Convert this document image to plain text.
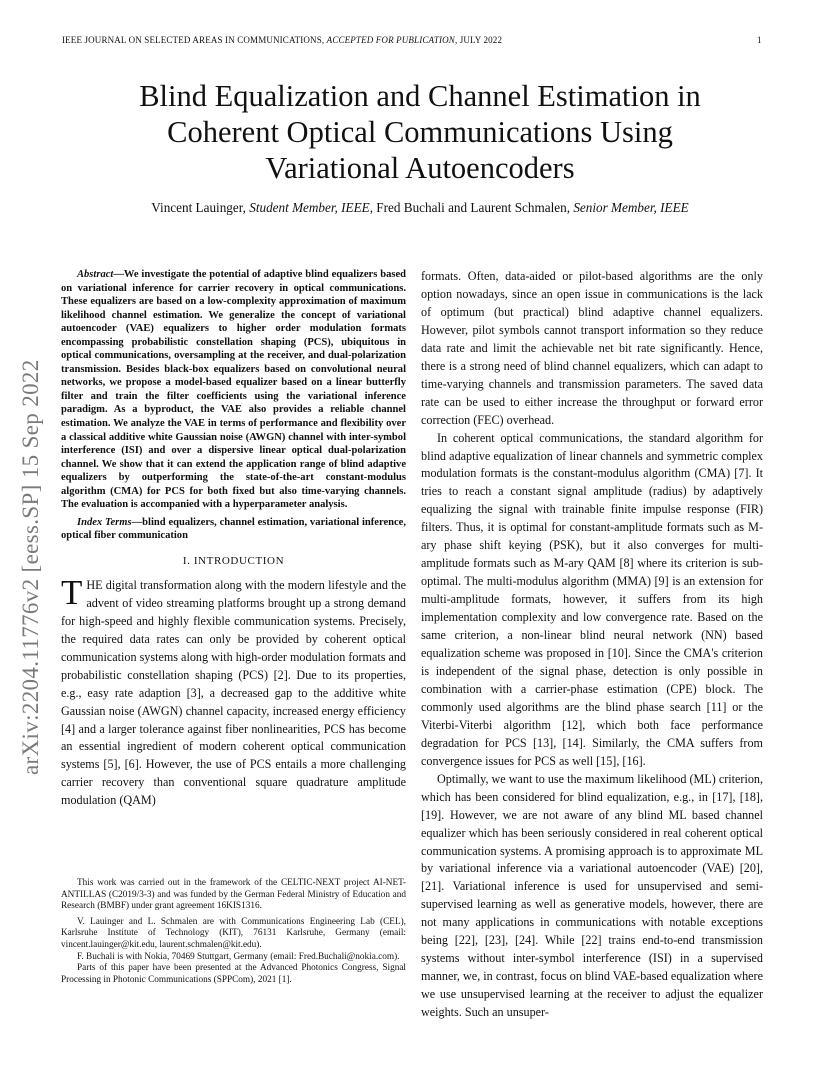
IEEE JOURNAL ON SELECTED AREAS IN COMMUNICATIONS, ACCEPTED FOR PUBLICATION, JULY 2022	1
Blind Equalization and Channel Estimation in
Coherent Optical Communications Using
Variational Autoencoders
Vincent Lauinger, Student Member, IEEE, Fred Buchali and Laurent Schmalen, Senior Member, IEEE
arXiv:2204.11776v2 [eess.SP] 15 Sep 2022
Abstract—We investigate the potential of adaptive blind equalizers based on variational inference for carrier recovery in optical communications. These equalizers are based on a low-complexity approximation of maximum likelihood channel estimation. We generalize the concept of variational autoencoder (VAE) equalizers to higher order modulation formats encompassing probabilistic constellation shaping (PCS), ubiquitous in optical communications, oversampling at the receiver, and dual-polarization transmission. Besides black-box equalizers based on convolutional neural networks, we propose a model-based equalizer based on a linear butterfly filter and train the filter coefficients using the variational inference paradigm. As a byproduct, the VAE also provides a reliable channel estimation. We analyze the VAE in terms of performance and flexibility over a classical additive white Gaussian noise (AWGN) channel with inter-symbol interference (ISI) and over a dispersive linear optical dual-polarization channel. We show that it can extend the application range of blind adaptive equalizers by outperforming the state-of-the-art constant-modulus algorithm (CMA) for PCS for both fixed but also time-varying channels. The evaluation is accompanied with a hyperparameter analysis.
Index Terms—blind equalizers, channel estimation, variational inference, optical fiber communication
I. INTRODUCTION

THE digital transformation along with the modern lifestyle and the advent of video streaming platforms brought up a strong demand for high-speed and highly flexible communication systems. Precisely, the required data rates can only be provided by coherent optical communication systems along with high-order modulation formats and probabilistic constellation shaping (PCS) [2]. Due to its properties, e.g., easy rate adaption [3], a decreased gap to the additive white Gaussian noise (AWGN) channel capacity, increased energy efficiency [4] and a larger tolerance against fiber nonlinearities, PCS has become an essential ingredient of modern coherent optical communication systems [5], [6]. However, the use of PCS entails a more challenging carrier recovery than conventional square quadrature amplitude modulation (QAM)

This work was carried out in the framework of the CELTIC-NEXT project AI-NET-ANTILLAS (C2019/3-3) and was funded by the German Federal Ministry of Education and Research (BMBF) under grant agreement 16KIS1316.

V. Lauinger and L. Schmalen are with Communications Engineering Lab (CEL), Karlsruhe Institute of Technology (KIT), 76131 Karlsruhe, Germany (email: vincent.lauinger@kit.edu, laurent.schmalen@kit.edu).

F. Buchali is with Nokia, 70469 Stuttgart, Germany (email: Fred.Buchali@nokia.com).

Parts of this paper have been presented at the Advanced Photonics Congress, Signal Processing in Photonic Communications (SPPCom), 2021 [1].

formats. Often, data-aided or pilot-based algorithms are the only option nowadays, since an open issue in communications is the lack of optimum (but practical) blind adaptive channel equalizers. However, pilot symbols cannot transport information so they reduce data rate and limit the achievable net bit rate significantly. Hence, there is a strong need of blind channel equalizers, which can adapt to time-varying channels and transmission parameters. The saved data rate can be used to either increase the throughput or forward error correction (FEC) overhead.

In coherent optical communications, the standard algorithm for blind adaptive equalization of linear channels and symmetric complex modulation formats is the constant-modulus algorithm (CMA) [7]. It tries to reach a constant signal amplitude (radius) by adaptively equalizing the signal with trainable finite impulse response (FIR) filters. Thus, it is optimal for constant-amplitude formats such as M-ary phase shift keying (PSK), but it also converges for multi-amplitude formats such as M-ary QAM [8] where its criterion is sub-optimal. The multi-modulus algorithm (MMA) [9] is an extension for multi-amplitude formats, however, it suffers from its high implementation complexity and low convergence rate. Based on the same criterion, a non-linear blind neural network (NN) based equalization scheme was proposed in [10]. Since the CMA's criterion is independent of the signal phase, detection is only possible in combination with a carrier-phase estimation (CPE) block. The commonly used algorithms are the blind phase search [11] or the Viterbi-Viterbi algorithm [12], which both face performance degradation for PCS [13], [14]. Similarly, the CMA suffers from convergence issues for PCS as well [15], [16].

Optimally, we want to use the maximum likelihood (ML) criterion, which has been considered for blind equalization, e.g., in [17], [18], [19]. However, we are not aware of any blind ML based channel equalizer which has been seriously considered in real coherent optical communication systems. A promising approach is to approximate ML by variational inference via a variational autoencoder (VAE) [20], [21]. Variational inference is used for unsupervised and semi-supervised learning as well as generative models, however, there are not many applications in communications with notable exceptions being [22], [23], [24]. While [22] trains end-to-end transmission systems without inter-symbol interference (ISI) in a supervised manner, we, in contrast, focus on blind VAE-based equalization where we use unsupervised learning at the receiver to adjust the equalizer weights. Such an unsuper-
